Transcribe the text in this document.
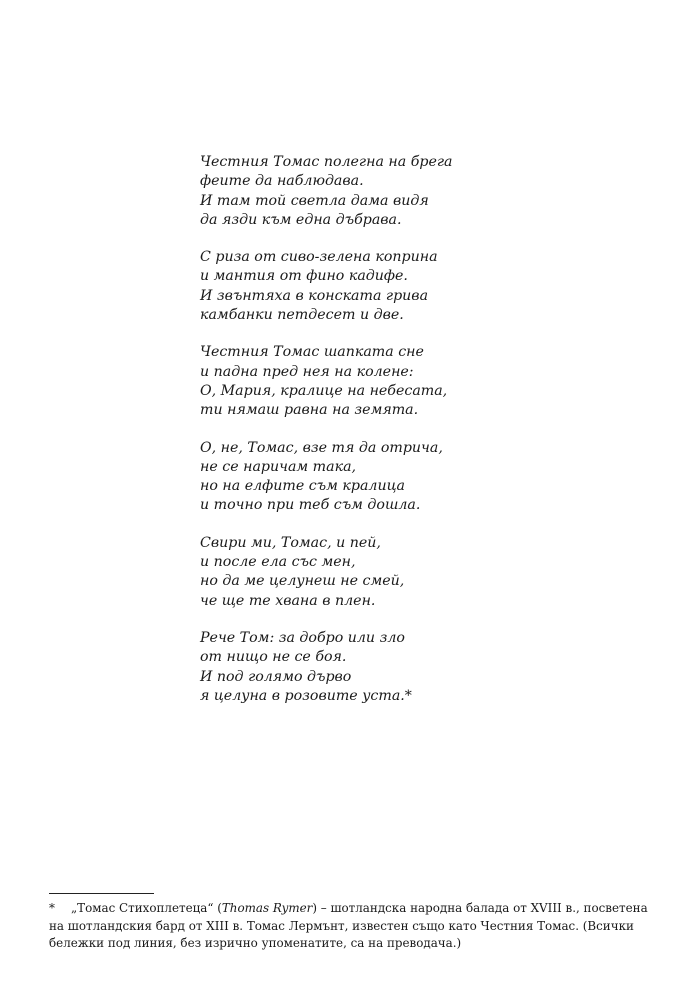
Честния Томас полегна на брега
феите да наблюдава.
И там той светла дама видя
да язди към една дъбрава.
С риза от сиво-зелена коприна
и мантия от фино кадифе.
И звънтяха в конската грива
камбанки петдесет и две.
Честния Томас шапката сне
и падна пред нея на колене:
О, Мария, кралице на небесата,
ти нямаш равна на земята.
О, не, Томас, взе тя да отрича,
не се наричам така,
но на елфите съм кралица
и точно при теб съм дошла.
Свири ми, Томас, и пей,
и после ела със мен,
но да ме целунеш не смей,
че ще те хвана в плен.
Рече Том: за добро или зло
от нищо не се боя.
И под голямо дърво
я целуна в розовите уста.*
* „Томас Стихоплетеца“ (Thomas Rymer) – шотландска народна балада от XVIII в., посветена
на шотландския бард от XIII в. Томас Лермънт, известен също като Честния Томас. (Всички
бележки под линия, без изрично упоменатите, са на преводача.)
